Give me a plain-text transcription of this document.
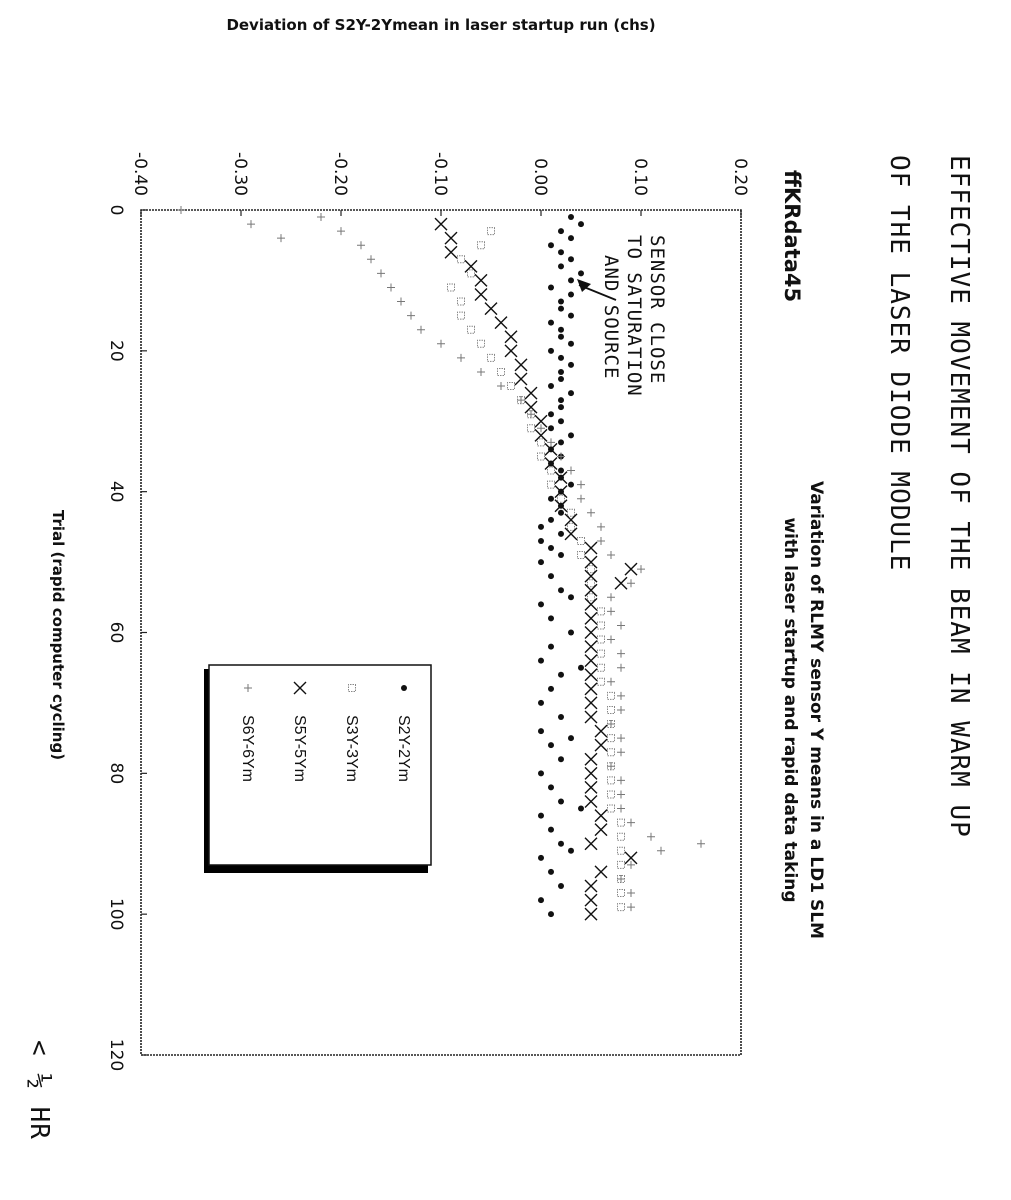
0
20
40
60
80
100
120
-0.40	-0.30	-0.20	-0.10	0.00	0.10	0.20
Deviation of S2Y-2Ymean in laser startup run (chs)
Trial (rapid computer cycling)	Variation of RLMY sensor Y means in a LD1 SLM
with laser startup and rapid data taking
ffKRdata45	EFFECTIVE MOVEMENT OF THE BEAM IN WARM UP
OF THE LASER DIODE MODULE
SENSOR CLOSE
TO SATURATION
AND SOURCE
< ½ HR
S2Y-2Ym
S3Y-3Ym
S5Y-5Ym
S6Y-6Ym
